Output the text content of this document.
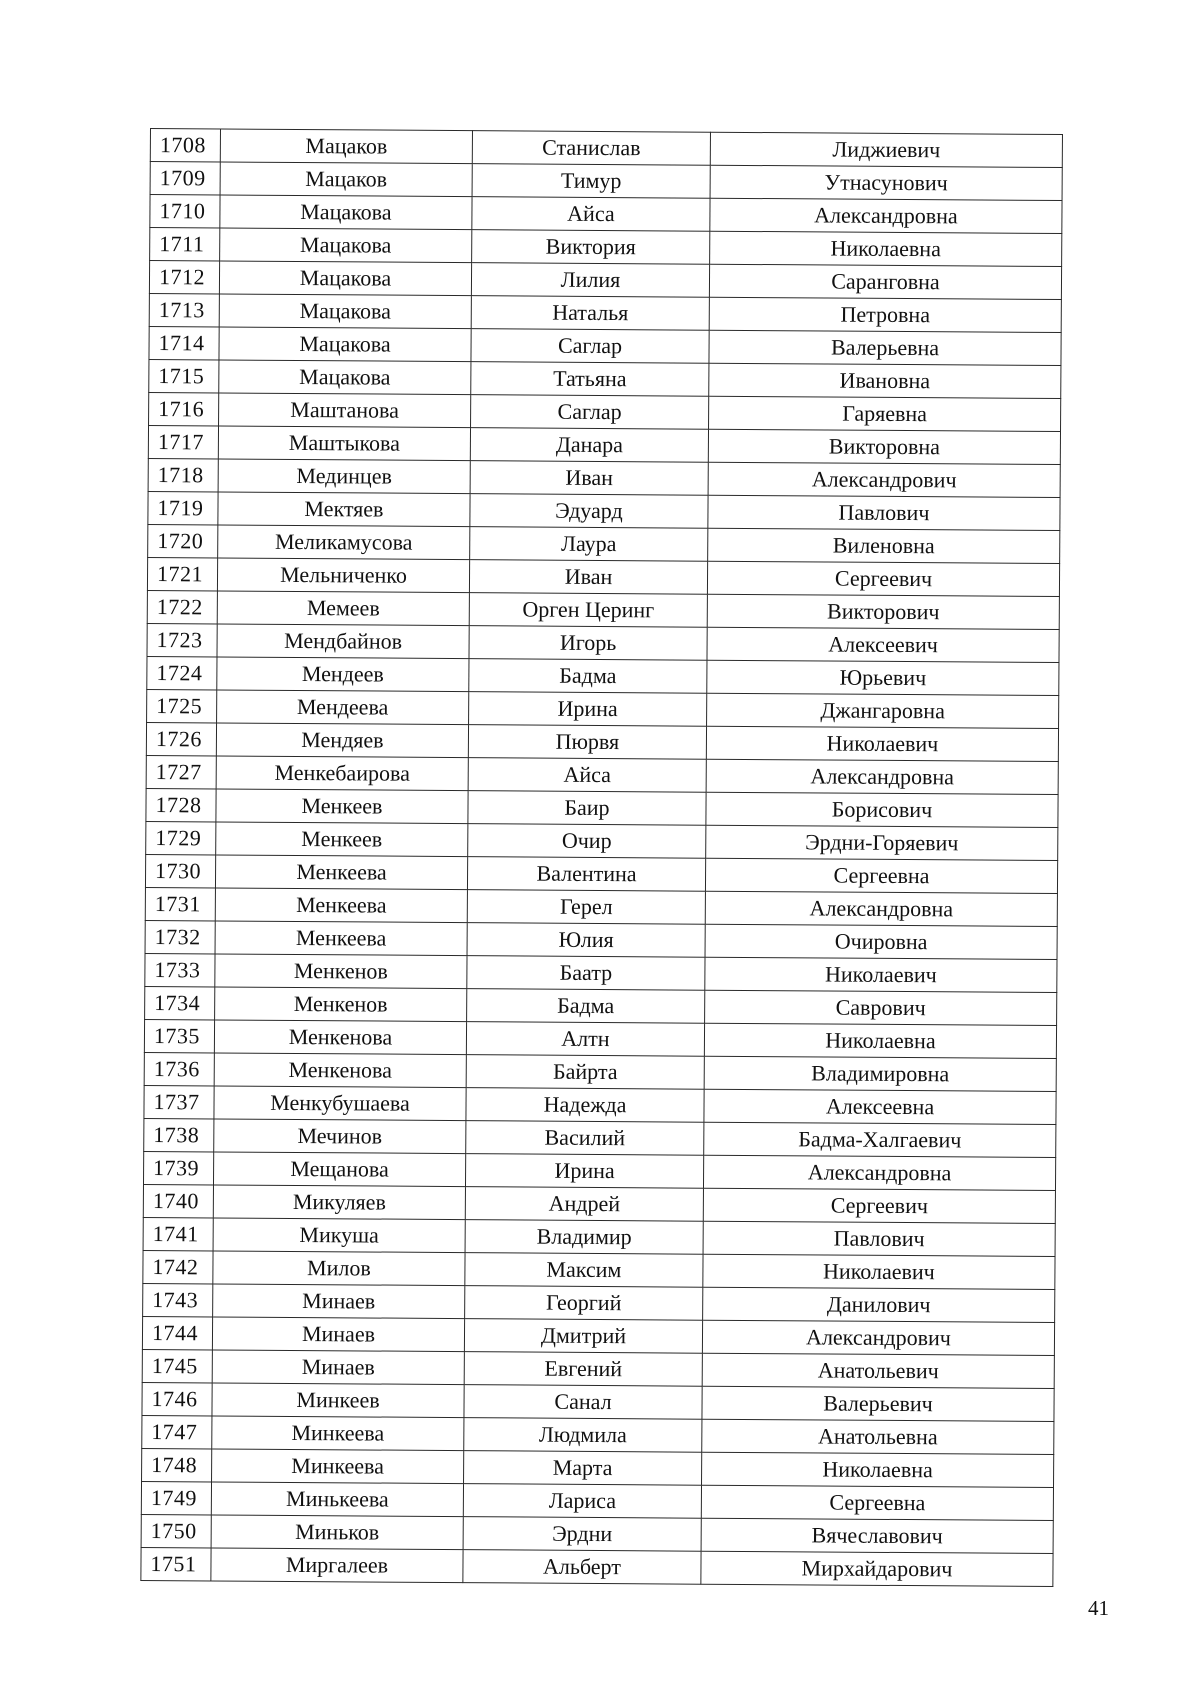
1708	Мацаков	Станислав	Лиджиевич
1709	Мацаков	Тимур	Утнасунович
1710	Мацакова	Айса	Александровна
1711	Мацакова	Виктория	Николаевна
1712	Мацакова	Лилия	Саранговна
1713	Мацакова	Наталья	Петровна
1714	Мацакова	Саглар	Валерьевна
1715	Мацакова	Татьяна	Ивановна
1716	Маштанова	Саглар	Гаряевна
1717	Маштыкова	Данара	Викторовна
1718	Мединцев	Иван	Александрович
1719	Мектяев	Эдуард	Павлович
1720	Меликамусова	Лаура	Виленовна
1721	Мельниченко	Иван	Сергеевич
1722	Мемеев	Орген Церинг	Викторович
1723	Мендбайнов	Игорь	Алексеевич
1724	Мендеев	Бадма	Юрьевич
1725	Мендеева	Ирина	Джангаровна
1726	Мендяев	Пюрвя	Николаевич
1727	Менкебаирова	Айса	Александровна
1728	Менкеев	Баир	Борисович
1729	Менкеев	Очир	Эрдни-Горяевич
1730	Менкеева	Валентина	Сергеевна
1731	Менкеева	Герел	Александровна
1732	Менкеева	Юлия	Очировна
1733	Менкенов	Баатр	Николаевич
1734	Менкенов	Бадма	Саврович
1735	Менкенова	Алтн	Николаевна
1736	Менкенова	Байрта	Владимировна
1737	Менкубушаева	Надежда	Алексеевна
1738	Мечинов	Василий	Бадма-Халгаевич
1739	Мещанова	Ирина	Александровна
1740	Микуляев	Андрей	Сергеевич
1741	Микуша	Владимир	Павлович
1742	Милов	Максим	Николаевич
1743	Минаев	Георгий	Данилович
1744	Минаев	Дмитрий	Александрович
1745	Минаев	Евгений	Анатольевич
1746	Минкеев	Санал	Валерьевич
1747	Минкеева	Людмила	Анатольевна
1748	Минкеева	Марта	Николаевна
1749	Минькеева	Лариса	Сергеевна
1750	Миньков	Эрдни	Вячеславович
1751	Миргалеев	Альберт	Мирхайдарович
41
